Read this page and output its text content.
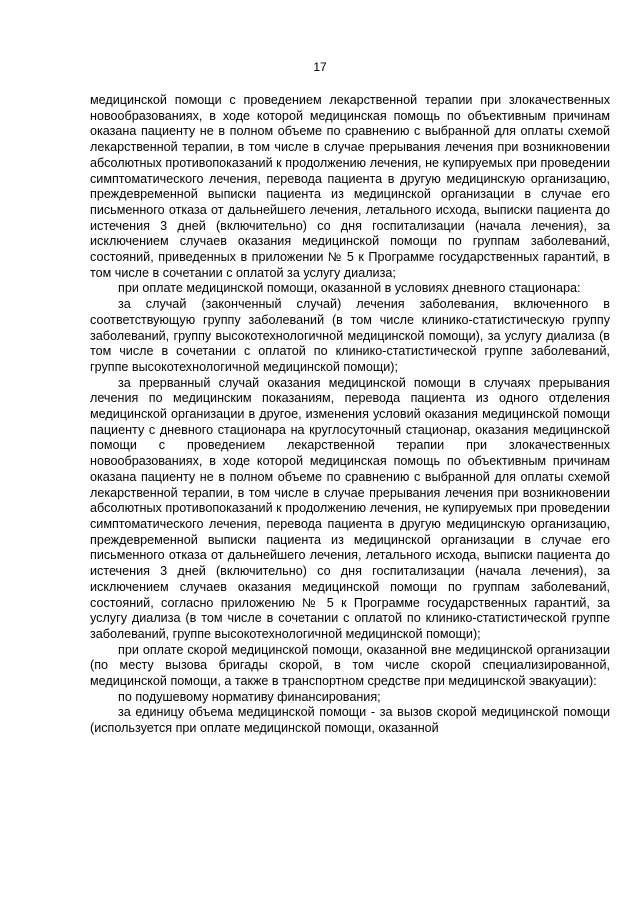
17

медицинской помощи с проведением лекарственной терапии при злокачественных новообразованиях, в ходе которой медицинская помощь по объективным причинам оказана пациенту не в полном объеме по сравнению с выбранной для оплаты схемой лекарственной терапии, в том числе в случае прерывания лечения при возникновении абсолютных противопоказаний к продолжению лечения, не купируемых при проведении симптоматического лечения, перевода пациента в другую медицинскую организацию, преждевременной выписки пациента из медицинской организации в случае его письменного отказа от дальнейшего лечения, летального исхода, выписки пациента до истечения 3 дней (включительно) со дня госпитализации (начала лечения), за исключением случаев оказания медицинской помощи по группам заболеваний, состояний, приведенных в приложении № 5 к Программе государственных гарантий, в том числе в сочетании с оплатой за услугу диализа;

при оплате медицинской помощи, оказанной в условиях дневного стационара:

за случай (законченный случай) лечения заболевания, включенного в соответствующую группу заболеваний (в том числе клинико-статистическую группу заболеваний, группу высокотехнологичной медицинской помощи), за услугу диализа (в том числе в сочетании с оплатой по клинико-статистической группе заболеваний, группе высокотехнологичной медицинской помощи);

за прерванный случай оказания медицинской помощи в случаях прерывания лечения по медицинским показаниям, перевода пациента из одного отделения медицинской организации в другое, изменения условий оказания медицинской помощи пациенту с дневного стационара на круглосуточный стационар, оказания медицинской помощи с проведением лекарственной терапии при злокачественных новообразованиях, в ходе которой медицинская помощь по объективным причинам оказана пациенту не в полном объеме по сравнению с выбранной для оплаты схемой лекарственной терапии, в том числе в случае прерывания лечения при возникновении абсолютных противопоказаний к продолжению лечения, не купируемых при проведении симптоматического лечения, перевода пациента в другую медицинскую организацию, преждевременной выписки пациента из медицинской организации в случае его письменного отказа от дальнейшего лечения, летального исхода, выписки пациента до истечения 3 дней (включительно) со дня госпитализации (начала лечения), за исключением случаев оказания медицинской помощи по группам заболеваний, состояний, согласно приложению № 5 к Программе государственных гарантий, за услугу диализа (в том числе в сочетании с оплатой по клинико-статистической группе заболеваний, группе высокотехнологичной медицинской помощи);

при оплате скорой медицинской помощи, оказанной вне медицинской организации (по месту вызова бригады скорой, в том числе скорой специализированной, медицинской помощи, а также в транспортном средстве при медицинской эвакуации):

по подушевому нормативу финансирования;

за единицу объема медицинской помощи - за вызов скорой медицинской помощи (используется при оплате медицинской помощи, оказанной
